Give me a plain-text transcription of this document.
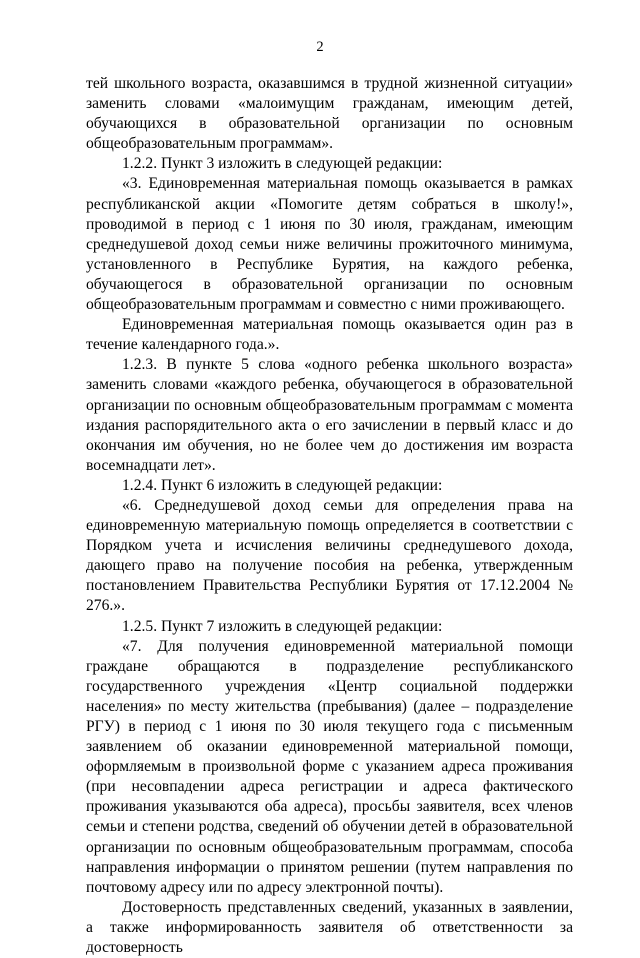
2

тей школьного возраста, оказавшимся в трудной жизненной ситуации» заменить словами «малоимущим гражданам, имеющим детей, обучающихся в образовательной организации по основным общеобразовательным программам».

1.2.2. Пункт 3 изложить в следующей редакции:

«3. Единовременная материальная помощь оказывается в рамках республиканской акции «Помогите детям собраться в школу!», проводимой в период с 1 июня по 30 июля, гражданам, имеющим среднедушевой доход семьи ниже величины прожиточного минимума, установленного в Республике Бурятия, на каждого ребенка, обучающегося в образовательной организации по основным общеобразовательным программам и совместно с ними проживающего.

Единовременная материальная помощь оказывается один раз в течение календарного года.».

1.2.3. В пункте 5 слова «одного ребенка школьного возраста» заменить словами «каждого ребенка, обучающегося в образовательной организации по основным общеобразовательным программам с момента издания распорядительного акта о его зачислении в первый класс и до окончания им обучения, но не более чем до достижения им возраста восемнадцати лет».

1.2.4. Пункт 6 изложить в следующей редакции:

«6. Среднедушевой доход семьи для определения права на единовременную материальную помощь определяется в соответствии с Порядком учета и исчисления величины среднедушевого дохода, дающего право на получение пособия на ребенка, утвержденным постановлением Правительства Республики Бурятия от 17.12.2004 № 276.».

1.2.5. Пункт 7 изложить в следующей редакции:

«7. Для получения единовременной материальной помощи граждане обращаются в подразделение республиканского государственного учреждения «Центр социальной поддержки населения» по месту жительства (пребывания) (далее – подразделение РГУ) в период с 1 июня по 30 июля текущего года с письменным заявлением об оказании единовременной материальной помощи, оформляемым в произвольной форме с указанием адреса проживания (при несовпадении адреса регистрации и адреса фактического проживания указываются оба адреса), просьбы заявителя, всех членов семьи и степени родства, сведений об обучении детей в образовательной организации по основным общеобразовательным программам, способа направления информации о принятом решении (путем направления по почтовому адресу или по адресу электронной почты).

Достоверность представленных сведений, указанных в заявлении, а также информированность заявителя об ответственности за достоверность
